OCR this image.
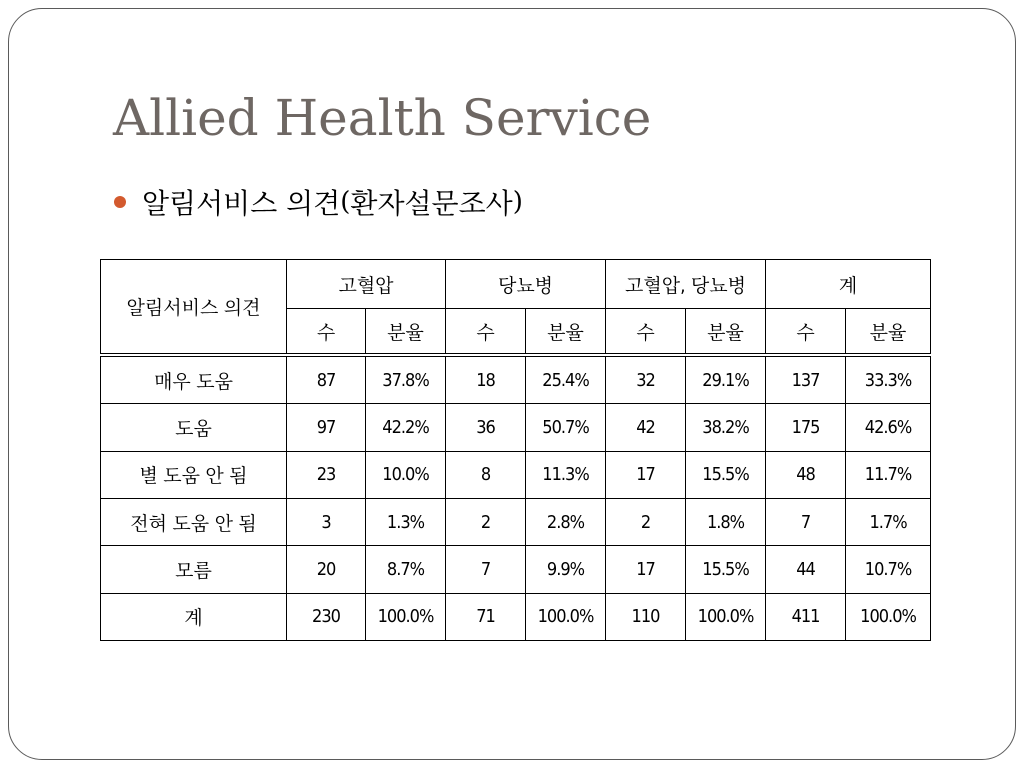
Allied Health Service
알림서비스 의견 ( 환자설문조사 )
알림서비스 의견	고혈압		당뇨병		고혈압, 당뇨병		계	
	수	분율	수	분율	수	분율	수	분율
매우 도움	87	37.8%	18	25.4%	32	29.1%	137	33.3%
도움	97	42.2%	36	50.7%	42	38.2%	175	42.6%
별 도움 안 됨	23	10.0%	8	11.3%	17	15.5%	48	11.7%
전혀 도움 안 됨	3	1.3%	2	2.8%	2	1.8%	7	1.7%
모름	20	8.7%	7	9.9%	17	15.5%	44	10.7%
계	230	100.0%	71	100.0%	110	100.0%	411	100.0%
